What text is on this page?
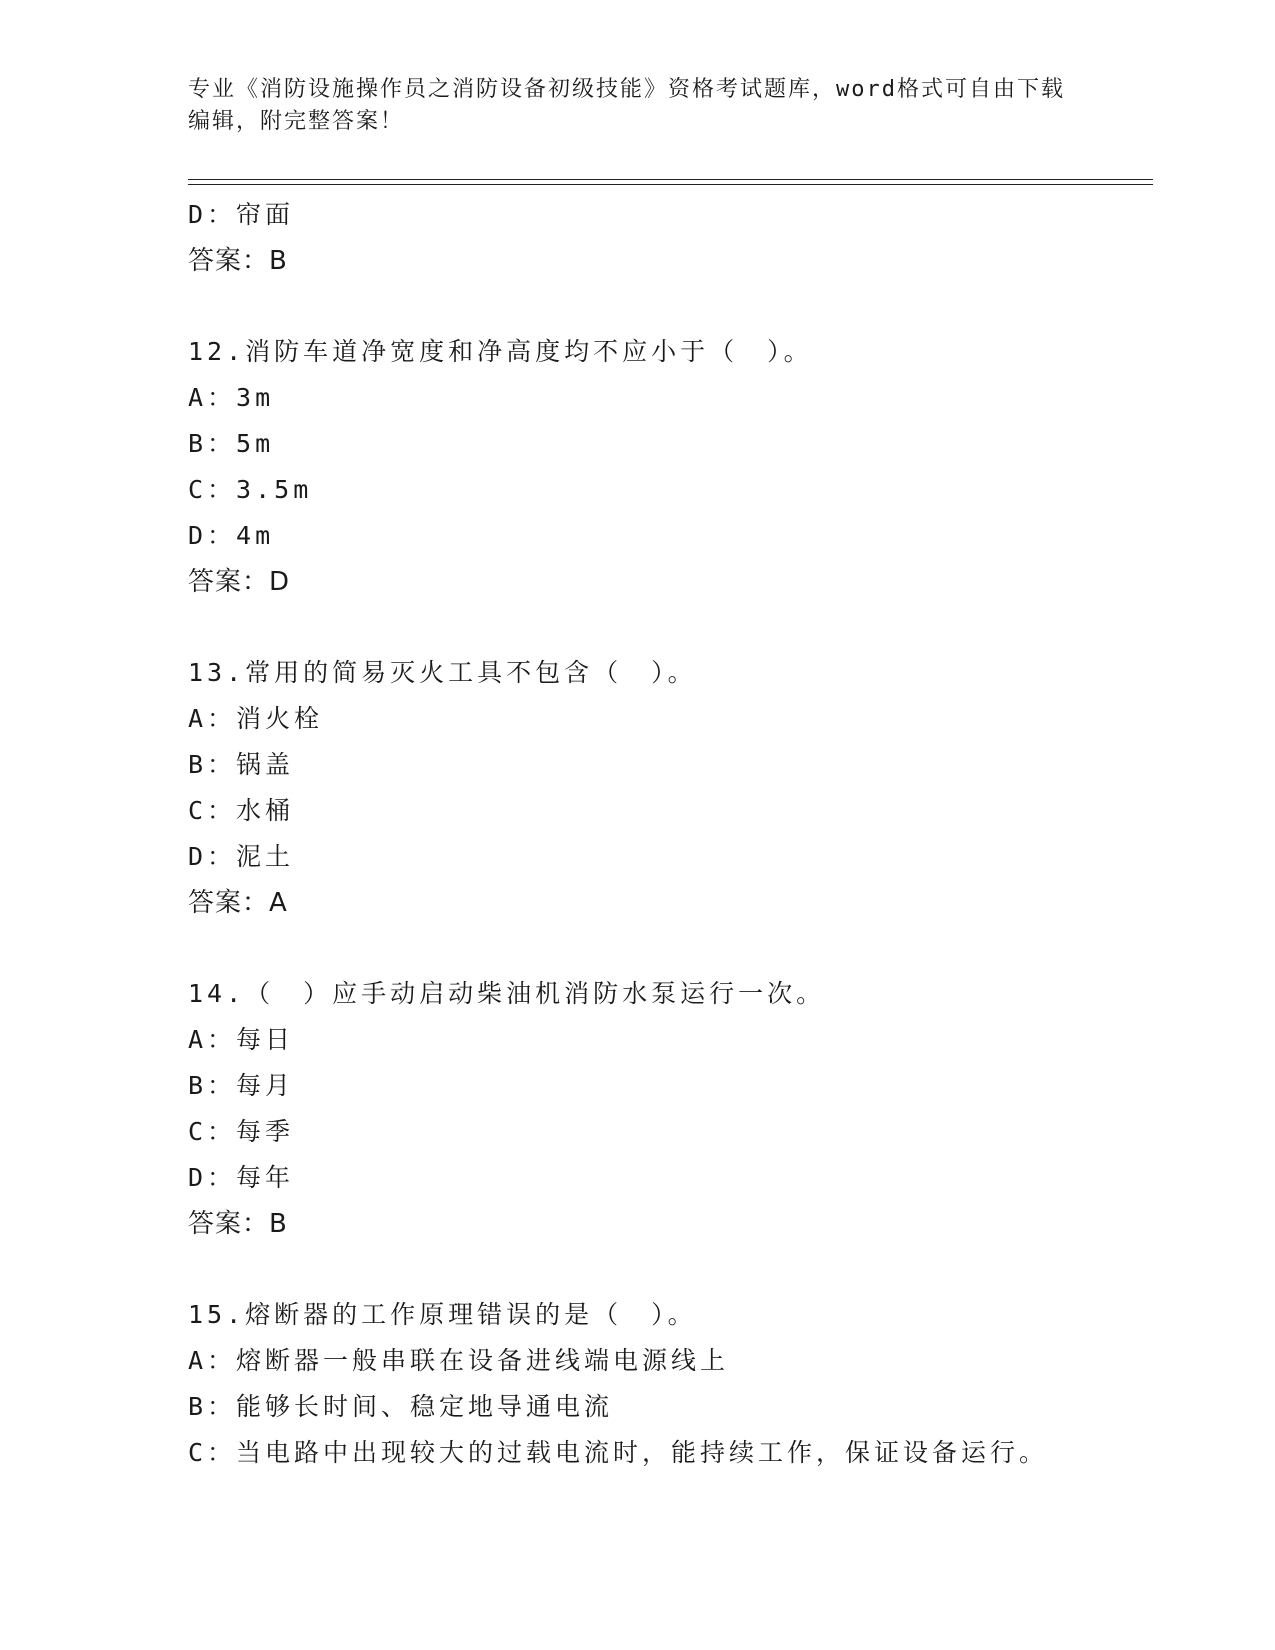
专业《消防设施操作员之消防设备初级技能》资格考试题库，word格式可自由下载编辑，附完整答案！
D：帘面
答案：B
12.消防车道净宽度和净高度均不应小于（　）。
A：3m
B：5m
C：3.5m
D：4m
答案：D
13.常用的简易灭火工具不包含（　）。
A：消火栓
B：锅盖
C：水桶
D：泥土
答案：A
14.（　）应手动启动柴油机消防水泵运行一次。
A：每日
B：每月
C：每季
D：每年
答案：B
15.熔断器的工作原理错误的是（　）。
A：熔断器一般串联在设备进线端电源线上
B：能够长时间、稳定地导通电流
C：当电路中出现较大的过载电流时，能持续工作，保证设备运行。
